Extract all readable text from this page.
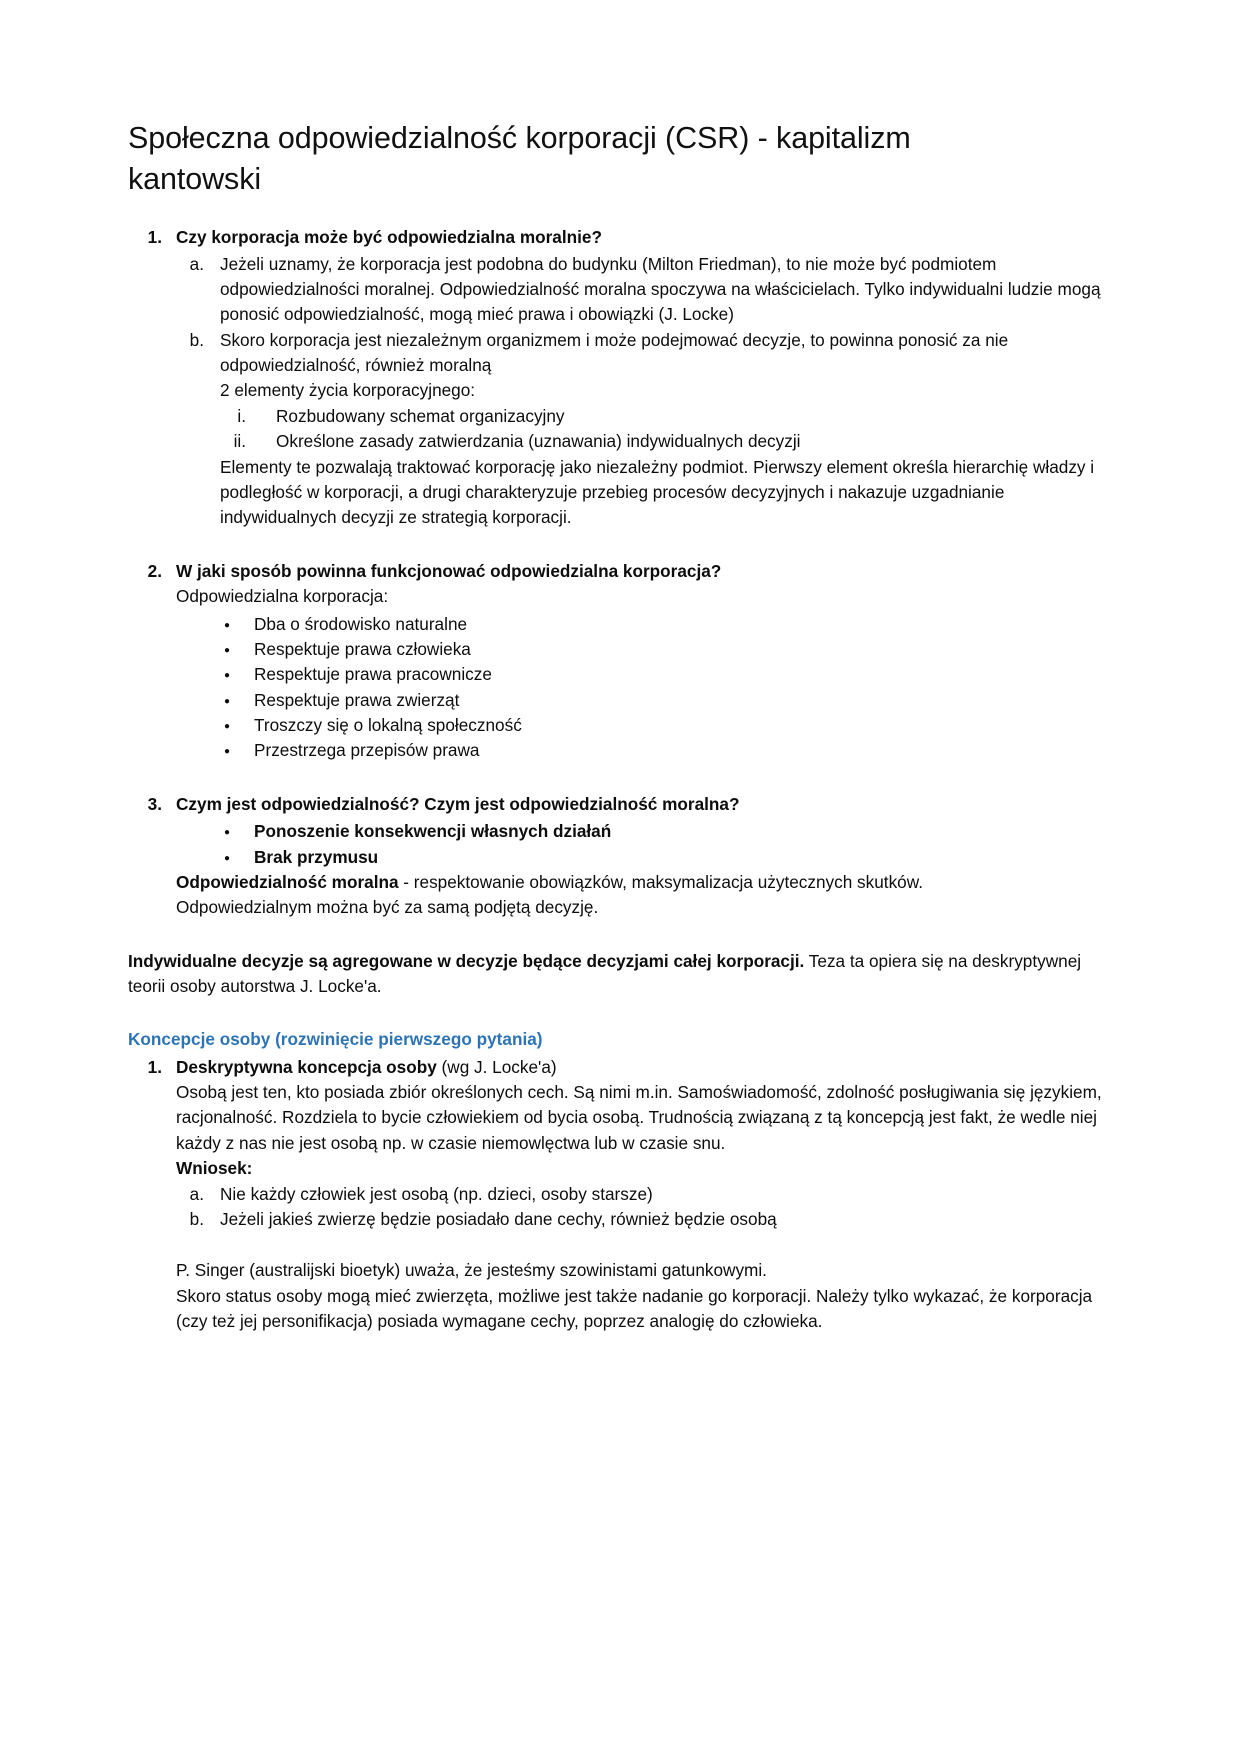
Społeczna odpowiedzialność korporacji (CSR) - kapitalizm kantowski
1. Czy korporacja może być odpowiedzialna moralnie?

a. Jeżeli uznamy, że korporacja jest podobna do budynku (Milton Friedman), to nie może być podmiotem odpowiedzialności moralnej. Odpowiedzialność moralna spoczywa na właścicielach. Tylko indywidualni ludzie mogą ponosić odpowiedzialność, mogą mieć prawa i obowiązki (J. Locke)

b. Skoro korporacja jest niezależnym organizmem i może podejmować decyzje, to powinna ponosić za nie odpowiedzialność, również moralną

2 elementy życia korporacyjnego:

i. Rozbudowany schemat organizacyjny

ii. Określone zasady zatwierdzania (uznawania) indywidualnych decyzji

Elementy te pozwalają traktować korporację jako niezależny podmiot. Pierwszy element określa hierarchię władzy i podległość w korporacji, a drugi charakteryzuje przebieg procesów decyzyjnych i nakazuje uzgadnianie indywidualnych decyzji ze strategią korporacji.

2. W jaki sposób powinna funkcjonować odpowiedzialna korporacja?

Odpowiedzialna korporacja:

●
Dba o środowisko naturalne
●
Respektuje prawa człowieka
●
Respektuje prawa pracownicze
●
Respektuje prawa zwierząt
●
Troszczy się o lokalną społeczność
●
Przestrzega przepisów prawa
3. Czym jest odpowiedzialność? Czym jest odpowiedzialność moralna?

●
Ponoszenie konsekwencji własnych działań
●
Brak przymusu

Odpowiedzialność moralna - respektowanie obowiązków, maksymalizacja użytecznych skutków.

Odpowiedzialnym można być za samą podjętą decyzję.

Indywidualne decyzje są agregowane w decyzje będące decyzjami całej korporacji. Teza ta opiera się na deskryptywnej teorii osoby autorstwa J. Locke'a.

Koncepcje osoby (rozwinięcie pierwszego pytania)

1. Deskryptywna koncepcja osoby (wg J. Locke'a)

Osobą jest ten, kto posiada zbiór określonych cech. Są nimi m.in. Samoświadomość, zdolność posługiwania się językiem, racjonalność. Rozdziela to bycie człowiekiem od bycia osobą. Trudnością związaną z tą koncepcją jest fakt, że wedle niej każdy z nas nie jest osobą np. w czasie niemowlęctwa lub w czasie snu.

Wniosek:

a. Nie każdy człowiek jest osobą (np. dzieci, osoby starsze)

b. Jeżeli jakieś zwierzę będzie posiadało dane cechy, również będzie osobą

P. Singer (australijski bioetyk) uważa, że jesteśmy szowinistami gatunkowymi.

Skoro status osoby mogą mieć zwierzęta, możliwe jest także nadanie go korporacji. Należy tylko wykazać, że korporacja (czy też jej personifikacja) posiada wymagane cechy, poprzez analogię do człowieka.
